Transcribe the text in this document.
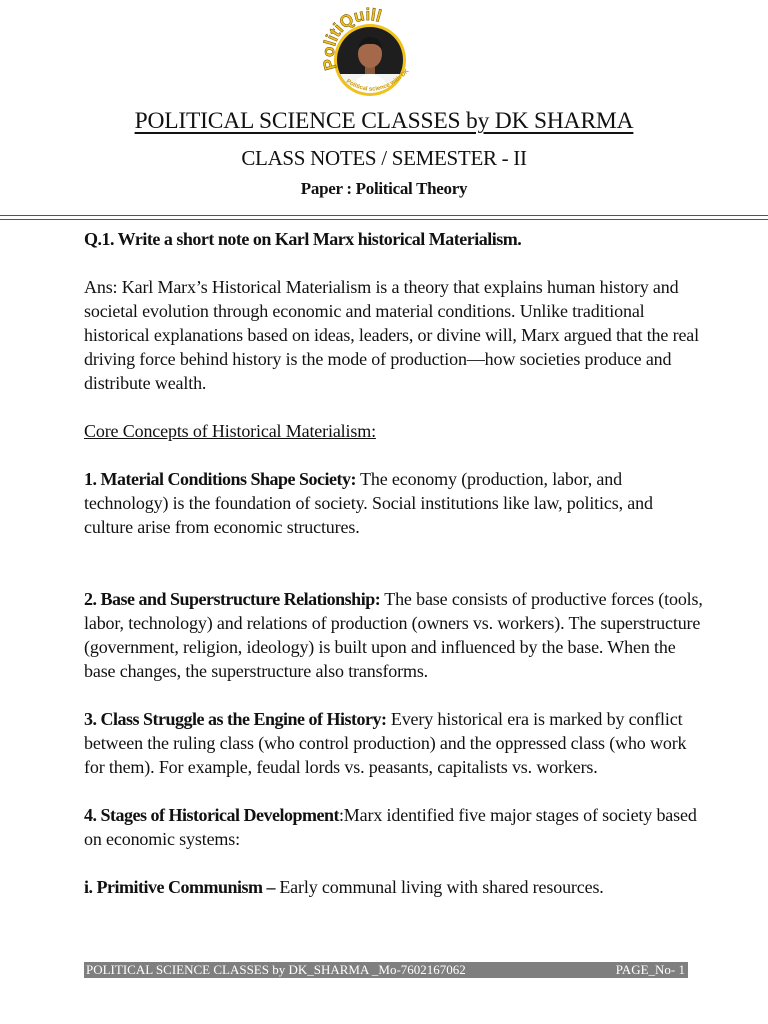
PolitiQuill
Political science with DK
POLITICAL SCIENCE CLASSES by DK SHARMA
CLASS NOTES / SEMESTER - II
Paper : Political Theory

Q.1. Write a short note on Karl Marx historical Materialism.

Ans: Karl Marx’s Historical Materialism is a theory that explains human history and societal evolution through economic and material conditions. Unlike traditional historical explanations based on ideas, leaders, or divine will, Marx argued that the real driving force behind history is the mode of production—how societies produce and distribute wealth.

Core Concepts of Historical Materialism:

1. Material Conditions Shape Society: The economy (production, labor, and technology) is the foundation of society. Social institutions like law, politics, and culture arise from economic structures.

2. Base and Superstructure Relationship: The base consists of productive forces (tools, labor, technology) and relations of production (owners vs. workers). The superstructure (government, religion, ideology) is built upon and influenced by the base. When the base changes, the superstructure also transforms.

3. Class Struggle as the Engine of History: Every historical era is marked by conflict between the ruling class (who control production) and the oppressed class (who work for them). For example, feudal lords vs. peasants, capitalists vs. workers.

4. Stages of Historical Development:Marx identified five major stages of society based on economic systems:

i. Primitive Communism – Early communal living with shared resources.

POLITICAL SCIENCE CLASSES by DK_SHARMA _Mo-7602167062	PAGE_No- 1
